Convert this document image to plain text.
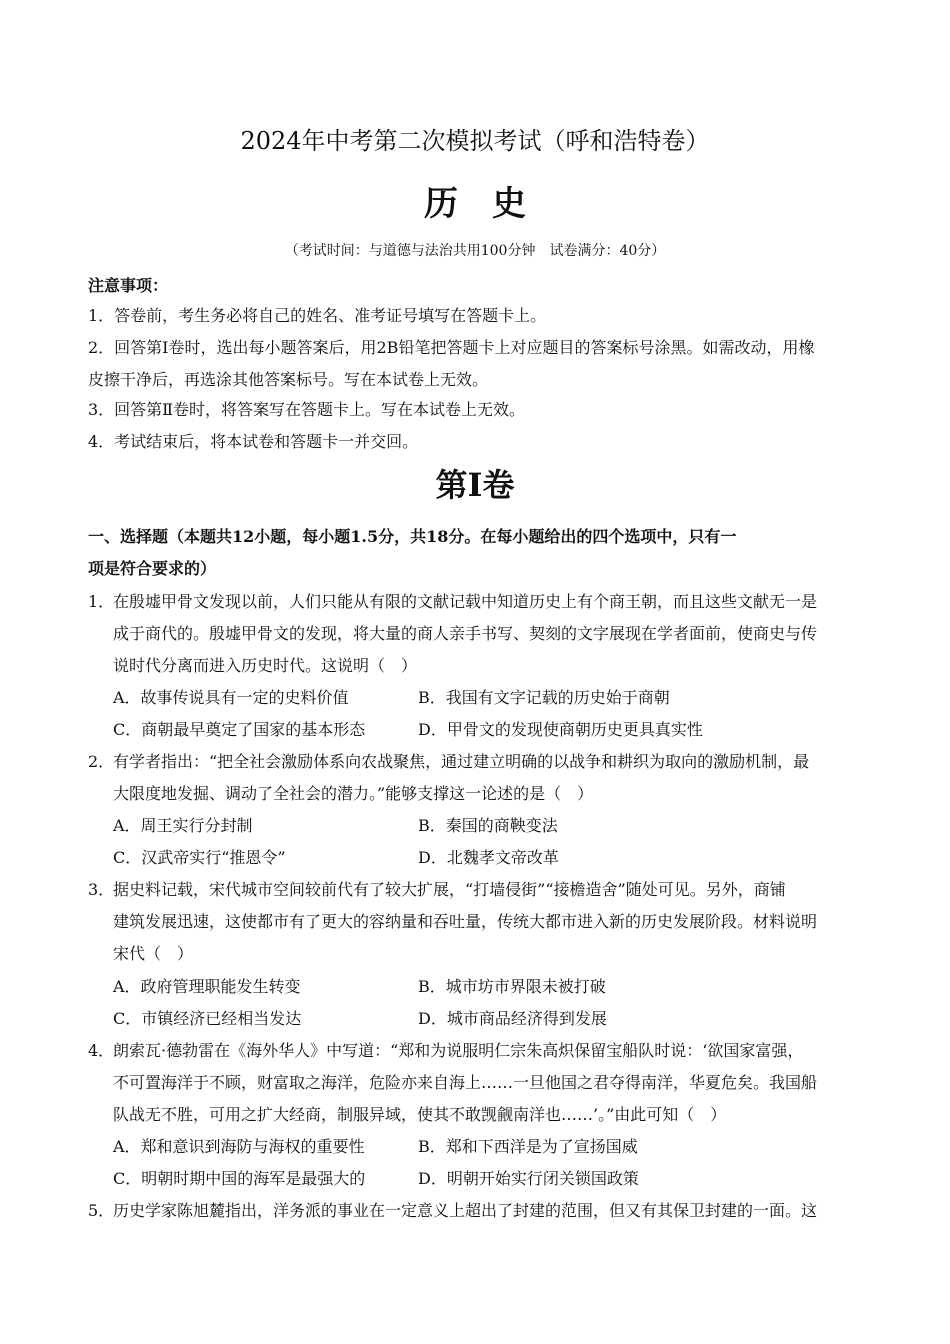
2024年中考第二次模拟考试（呼和浩特卷）
历　史
（考试时间：与道德与法治共用100分钟　试卷满分：40分）
注意事项：
1．答卷前，考生务必将自己的姓名、准考证号填写在答题卡上。
2．回答第Ⅰ卷时，选出每小题答案后，用2B铅笔把答题卡上对应题目的答案标号涂黑。如需改动，用橡
皮擦干净后，再选涂其他答案标号。写在本试卷上无效。
3．回答第Ⅱ卷时，将答案写在答题卡上。写在本试卷上无效。
4．考试结束后，将本试卷和答题卡一并交回。
第Ⅰ卷
一、选择题（本题共12小题，每小题1.5分，共18分。在每小题给出的四个选项中，只有一
项是符合要求的）
1．
在殷墟甲骨文发现以前，人们只能从有限的文献记载中知道历史上有个商王朝，而且这些文献无一是
成于商代的。殷墟甲骨文的发现，将大量的商人亲手书写、契刻的文字展现在学者面前，使商史与传
说时代分离而进入历史时代。这说明（　）
A．故事传说具有一定的史料价值	B．我国有文字记载的历史始于商朝
C．商朝最早奠定了国家的基本形态	D．甲骨文的发现使商朝历史更具真实性
2．
有学者指出：“把全社会激励体系向农战聚焦，通过建立明确的以战争和耕织为取向的激励机制，最
大限度地发掘、调动了全社会的潜力。”能够支撑这一论述的是（　）
A．周王实行分封制	B．秦国的商鞅变法
C．汉武帝实行“推恩令”	D．北魏孝文帝改革
3．
据史料记载，宋代城市空间较前代有了较大扩展，“打墙侵街”“接檐造舍”随处可见。另外，商铺
建筑发展迅速，这使都市有了更大的容纳量和吞吐量，传统大都市进入新的历史发展阶段。材料说明
宋代（　）
A．政府管理职能发生转变	B．城市坊市界限未被打破
C．市镇经济已经相当发达	D．城市商品经济得到发展
4．
朗索瓦·德勃雷在《海外华人》中写道：“郑和为说服明仁宗朱高炽保留宝船队时说：‘欲国家富强，
不可置海洋于不顾，财富取之海洋，危险亦来自海上……一旦他国之君夺得南洋，华夏危矣。我国船
队战无不胜，可用之扩大经商，制服异域，使其不敢觊觎南洋也……’。”由此可知（　）
A．郑和意识到海防与海权的重要性	B．郑和下西洋是为了宣扬国威
C．明朝时期中国的海军是最强大的	D．明朝开始实行闭关锁国政策
5．
历史学家陈旭麓指出，洋务派的事业在一定意义上超出了封建的范围，但又有其保卫封建的一面。这
